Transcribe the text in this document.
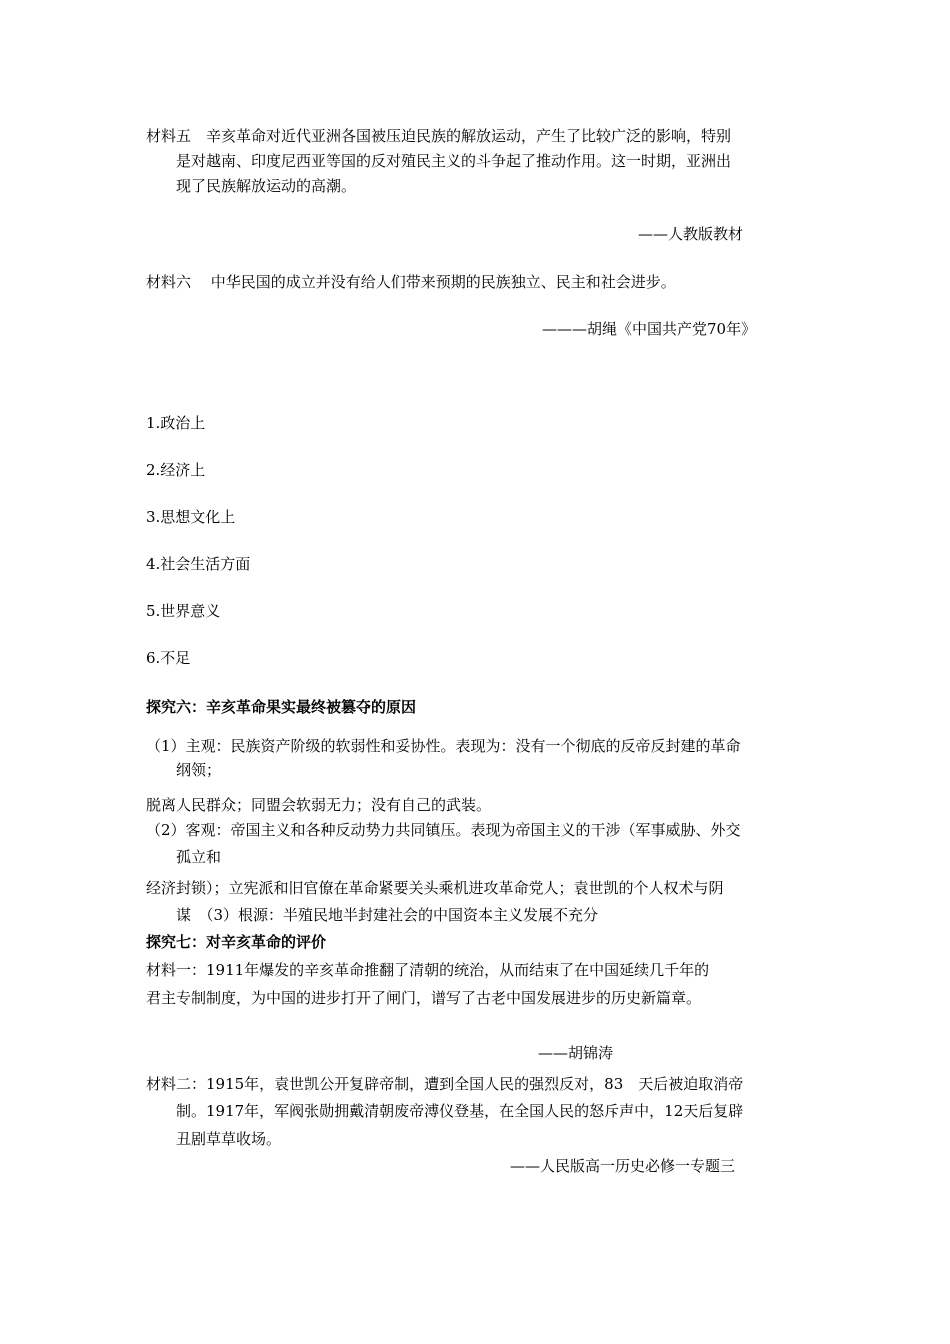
材料五　辛亥革命对近代亚洲各国被压迫民族的解放运动，产生了比较广泛的影响，特别
是对越南、印度尼西亚等国的反对殖民主义的斗争起了推动作用。这一时期，亚洲出
现了民族解放运动的高潮。
——人教版教材
材料六　 中华民国的成立并没有给人们带来预期的民族独立、民主和社会进步。
———胡绳《中国共产党70年》
1.政治上
2.经济上
3.思想文化上
4.社会生活方面
5.世界意义
6.不足
探究六：辛亥革命果实最终被篡夺的原因
（1）主观：民族资产阶级的软弱性和妥协性。表现为：没有一个彻底的反帝反封建的革命
纲领；
脱离人民群众；同盟会软弱无力；没有自己的武装。
（2）客观：帝国主义和各种反动势力共同镇压。表现为帝国主义的干涉（军事威胁、外交
孤立和
经济封锁）；立宪派和旧官僚在革命紧要关头乘机进攻革命党人；袁世凯的个人权术与阴
谋　（3）根源：半殖民地半封建社会的中国资本主义发展不充分
探究七：对辛亥革命的评价
材料一：1911年爆发的辛亥革命推翻了清朝的统治，从而结束了在中国延续几千年的
君主专制制度，为中国的进步打开了闸门，谱写了古老中国发展进步的历史新篇章。
——胡锦涛
材料二：1915年，袁世凯公开复辟帝制，遭到全国人民的强烈反对，83　天后被迫取消帝
制。1917年，军阀张勋拥戴清朝废帝溥仪登基，在全国人民的怒斥声中，12天后复辟
丑剧草草收场。
——人民版高一历史必修一专题三
